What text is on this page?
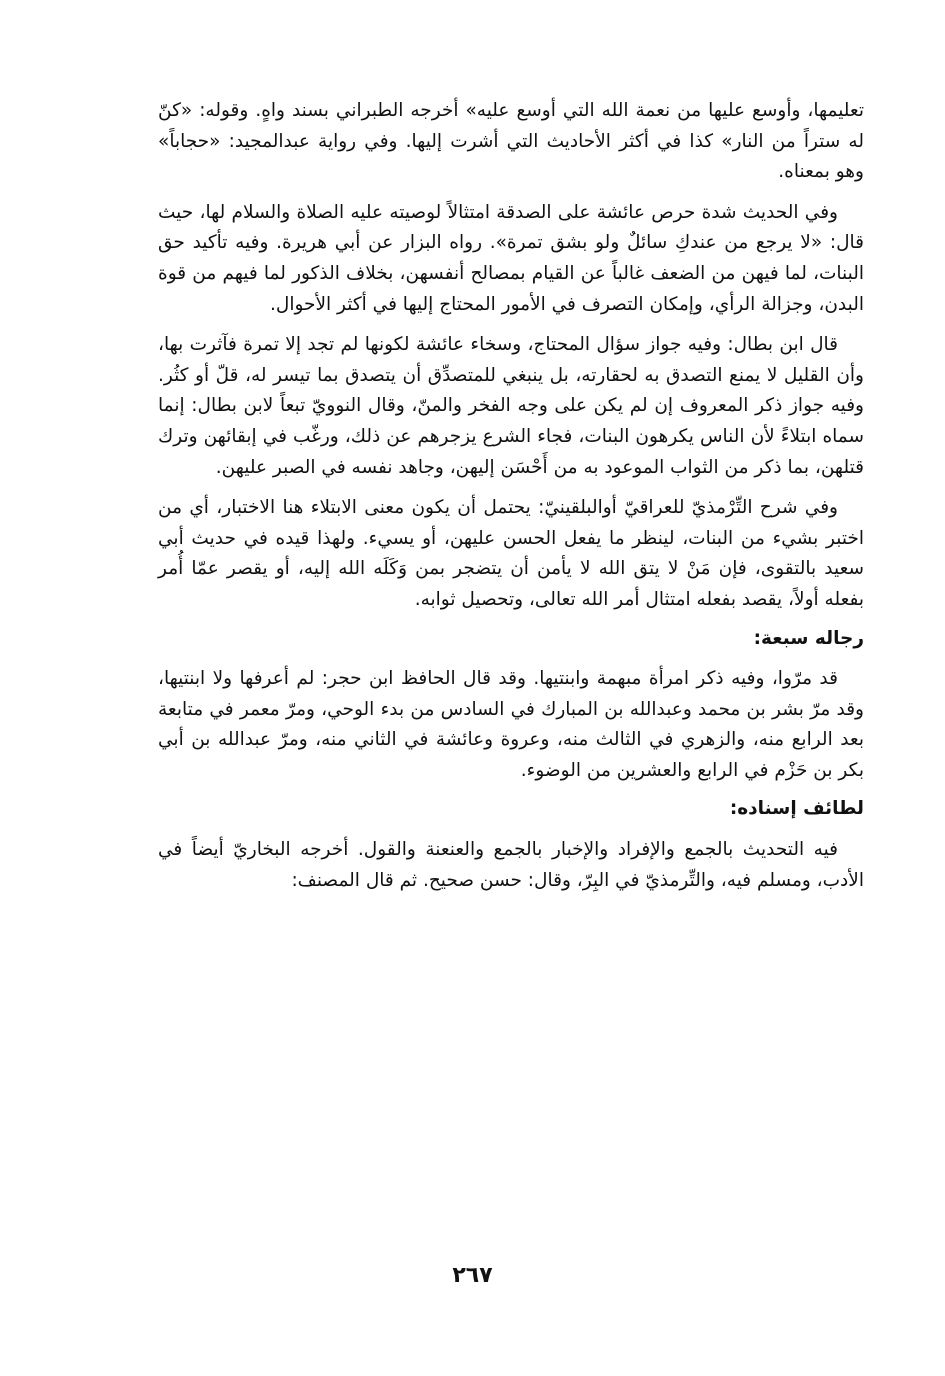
تعليمها، وأوسع عليها من نعمة الله التي أوسع عليه» أخرجه الطبراني بسند واهٍ. وقوله: «كنّ له ستراً من النار» كذا في أكثر الأحاديث التي أشرت إليها. وفي رواية عبدالمجيد: «حجاباً» وهو بمعناه.

وفي الحديث شدة حرص عائشة على الصدقة امتثالاً لوصيته عليه الصلاة والسلام لها، حيث قال: «لا يرجع من عندكِ سائلٌ ولو بشق تمرة». رواه البزار عن أبي هريرة. وفيه تأكيد حق البنات، لما فيهن من الضعف غالباً عن القيام بمصالح أنفسهن، بخلاف الذكور لما فيهم من قوة البدن، وجزالة الرأي، وإمكان التصرف في الأمور المحتاج إليها في أكثر الأحوال.

قال ابن بطال: وفيه جواز سؤال المحتاج، وسخاء عائشة لكونها لم تجد إلا تمرة فآثرت بها، وأن القليل لا يمنع التصدق به لحقارته، بل ينبغي للمتصدِّق أن يتصدق بما تيسر له، قلّ أو كثُر. وفيه جواز ذكر المعروف إن لم يكن على وجه الفخر والمنّ، وقال النوويّ تبعاً لابن بطال: إنما سماه ابتلاءً لأن الناس يكرهون البنات، فجاء الشرع يزجرهم عن ذلك، ورغّب في إبقائهن وترك قتلهن، بما ذكر من الثواب الموعود به من أَحْسَن إليهن، وجاهد نفسه في الصبر عليهن.

وفي شرح التِّرْمذيّ للعراقيّ أوالبلقينيّ: يحتمل أن يكون معنى الابتلاء هنا الاختبار، أي من اختبر بشيء من البنات، لينظر ما يفعل الحسن عليهن، أو يسيء. ولهذا قيده في حديث أبي سعيد بالتقوى، فإن مَنْ لا يتق الله لا يأمن أن يتضجر بمن وَكَلَه الله إليه، أو يقصر عمّا أُمر بفعله أولاً، يقصد بفعله امتثال أمر الله تعالى، وتحصيل ثوابه.

رجاله سبعة:

قد مرّوا، وفيه ذكر امرأة مبهمة وابنتيها. وقد قال الحافظ ابن حجر: لم أعرفها ولا ابنتيها، وقد مرّ بشر بن محمد وعبدالله بن المبارك في السادس من بدء الوحي، ومرّ معمر في متابعة بعد الرابع منه، والزهري في الثالث منه، وعروة وعائشة في الثاني منه، ومرّ عبدالله بن أبي بكر بن حَزْم في الرابع والعشرين من الوضوء.

لطائف إسناده:

فيه التحديث بالجمع والإفراد والإخبار بالجمع والعنعنة والقول. أخرجه البخاريّ أيضاً في الأدب، ومسلم فيه، والتِّرمذيّ في البِرّ، وقال: حسن صحيح. ثم قال المصنف:

٢٦٧
